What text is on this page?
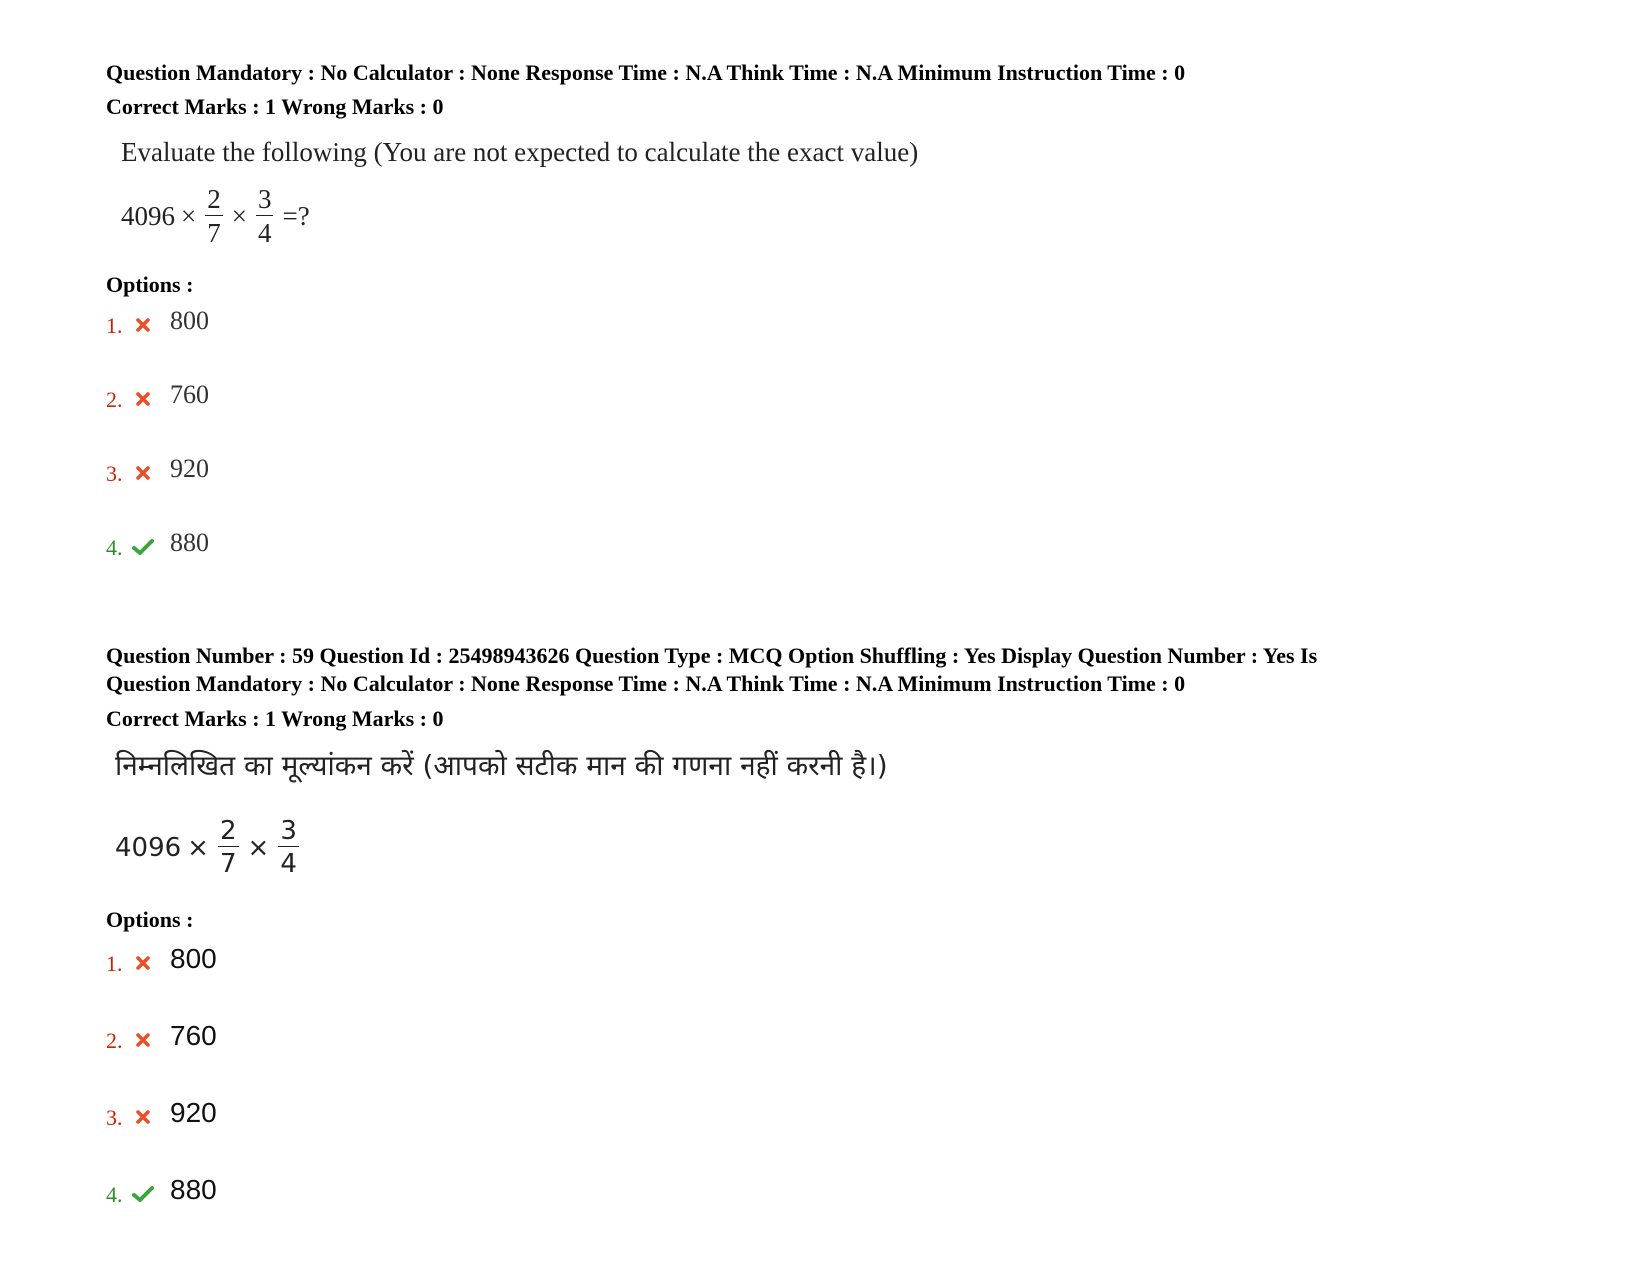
Question Mandatory : No Calculator : None Response Time : N.A Think Time : N.A Minimum Instruction Time : 0
Correct Marks : 1 Wrong Marks : 0
Evaluate the following (You are not expected to calculate the exact value)
$4096 \times \frac{2}{7} \times \frac{3}{4}$ =?
Options :
1.	800
2.	760
3.	920
4.	880
Question Number : 59 Question Id : 25498943626 Question Type : MCQ Option Shuffling : Yes Display Question Number : Yes Is
Question Mandatory : No Calculator : None Response Time : N.A Think Time : N.A Minimum Instruction Time : 0
Correct Marks : 1 Wrong Marks : 0
निम्नलिखित का मूल्यांकन करें (आपको सटीक मान की गणना नहीं करनी है।)
$4096 \times \frac{2}{7} \times \frac{3}{4}$
Options :
1.	800
2.	760
3.	920
4.	880
